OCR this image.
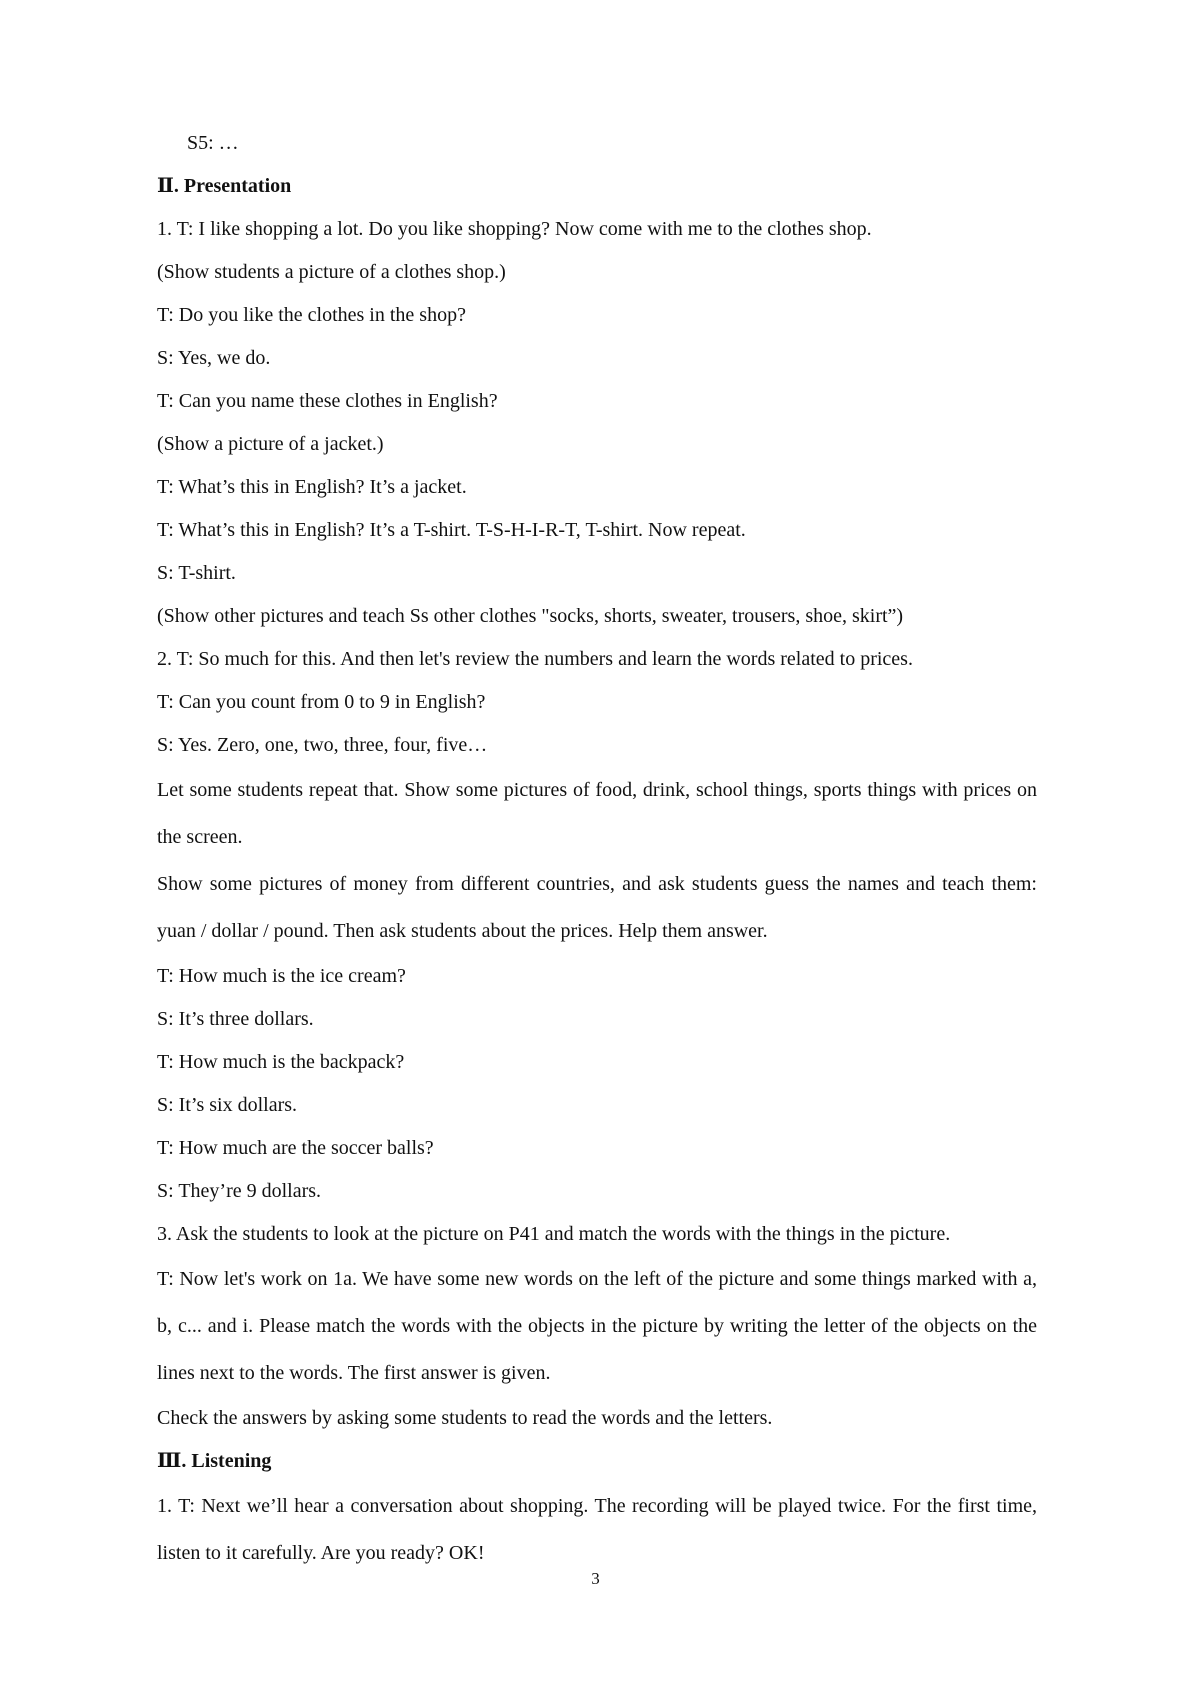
S5: …
Ⅱ. Presentation
1. T: I like shopping a lot. Do you like shopping? Now come with me to the clothes shop.
(Show students a picture of a clothes shop.)
T: Do you like the clothes in the shop?
S: Yes, we do.
T: Can you name these clothes in English?
(Show a picture of a jacket.)
T: What’s this in English? It’s a jacket.
T: What’s this in English? It’s a T-shirt. T-S-H-I-R-T, T-shirt. Now repeat.
S: T-shirt.
(Show other pictures and teach Ss other clothes "socks, shorts, sweater, trousers, shoe, skirt”)
2. T: So much for this. And then let's review the numbers and learn the words related to prices.
T: Can you count from 0 to 9 in English?
S: Yes. Zero, one, two, three, four, five…

Let some students repeat that. Show some pictures of food, drink, school things, sports things with prices on the screen.

Show some pictures of money from different countries, and ask students guess the names and teach them: yuan / dollar / pound. Then ask students about the prices. Help them answer.

T: How much is the ice cream?
S: It’s three dollars.
T: How much is the backpack?
S: It’s six dollars.
T: How much are the soccer balls?
S: They’re 9 dollars.
3. Ask the students to look at the picture on P41 and match the words with the things in the picture.

T: Now let's work on 1a. We have some new words on the left of the picture and some things marked with a, b, c... and i. Please match the words with the objects in the picture by writing the letter of the objects on the lines next to the words. The first answer is given.

Check the answers by asking some students to read the words and the letters.
Ⅲ. Listening

1. T: Next we’ll hear a conversation about shopping. The recording will be played twice. For the first time, listen to it carefully. Are you ready? OK!

3
